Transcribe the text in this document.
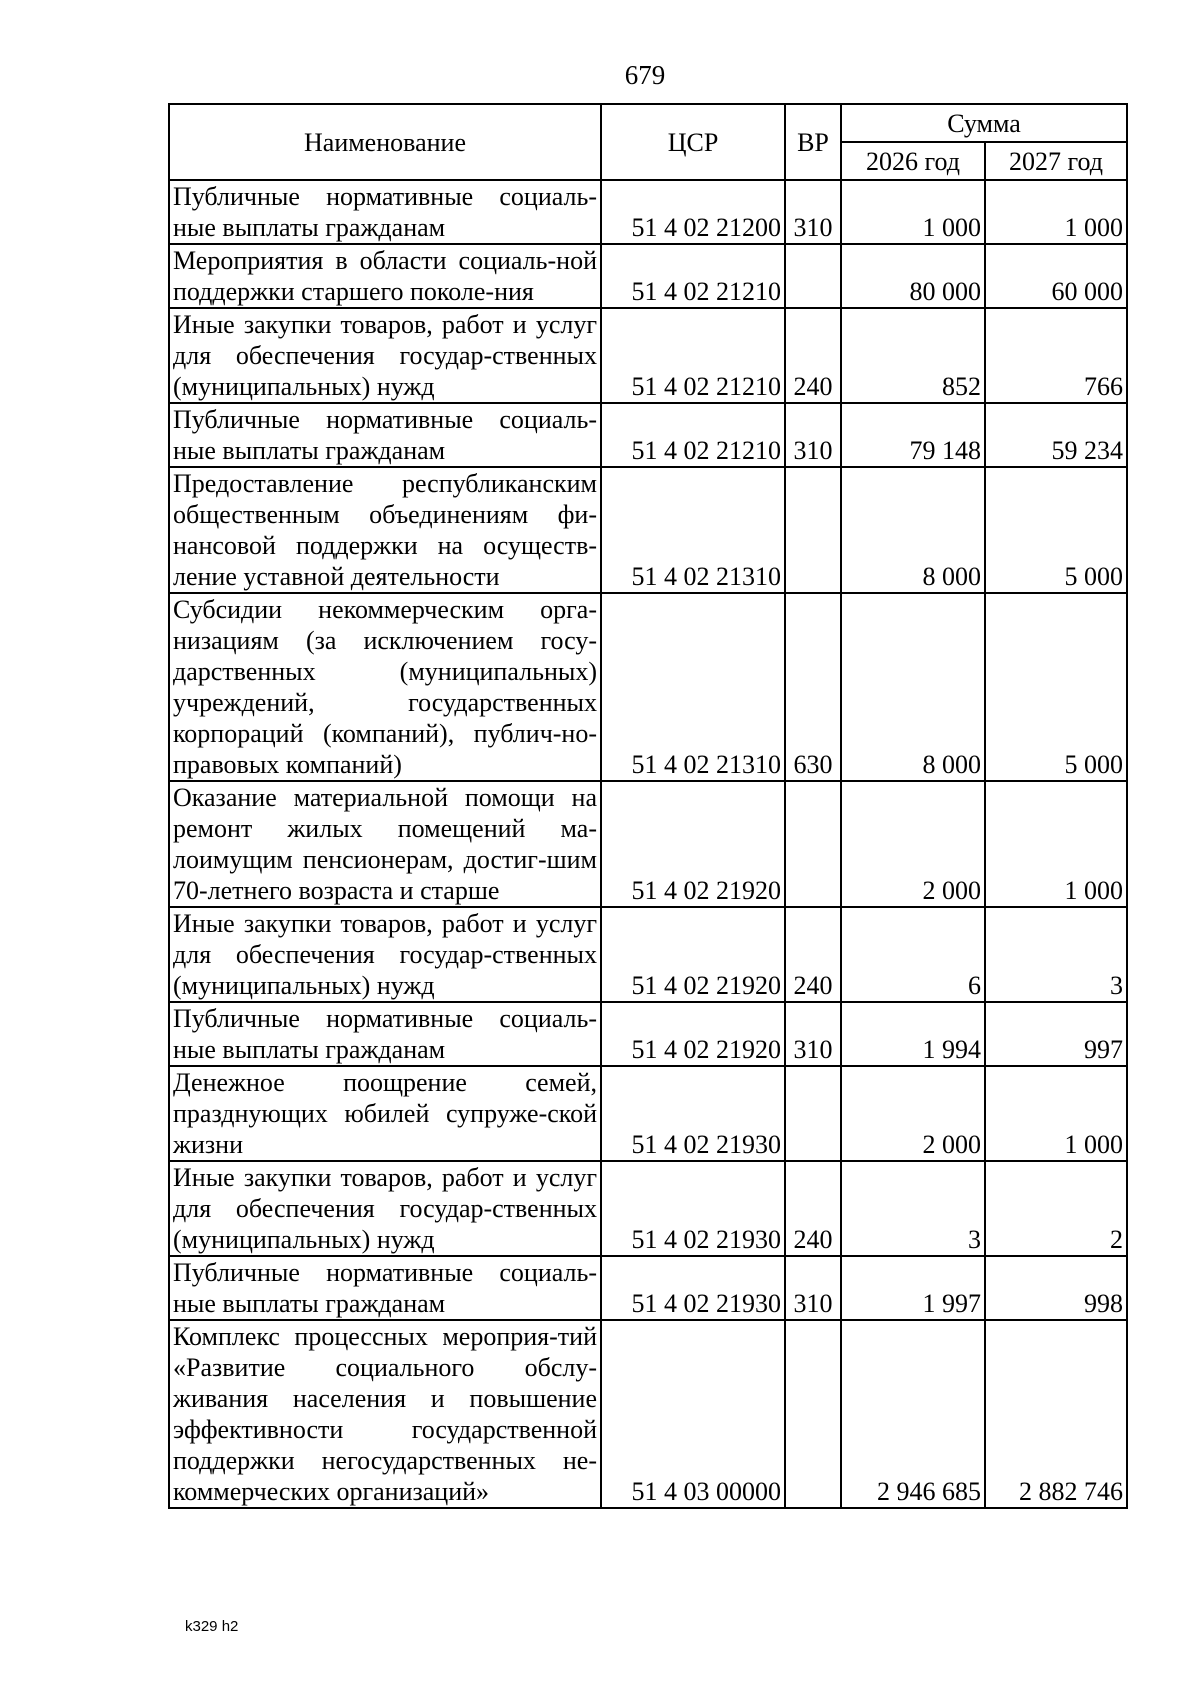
679
Наименование	ЦСР	ВР	Сумма	
			2026 год	2027 год
Публичные нормативные социаль-ные выплаты гражданам	51 4 02 21200	310	1 000	1 000
Мероприятия в области социаль-ной поддержки старшего поколе-ния	51 4 02 21210		80 000	60 000
Иные закупки товаров, работ и услуг для обеспечения государ-ственных (муниципальных) нужд	51 4 02 21210	240	852	766
Публичные нормативные социаль-ные выплаты гражданам	51 4 02 21210	310	79 148	59 234
Предоставление республиканским общественным объединениям фи-нансовой поддержки на осуществ-ление уставной деятельности	51 4 02 21310		8 000	5 000
Субсидии некоммерческим орга-низациям (за исключением госу-дарственных (муниципальных) учреждений, государственных корпораций (компаний), публич-но-правовых компаний)	51 4 02 21310	630	8 000	5 000
Оказание материальной помощи на ремонт жилых помещений ма-лоимущим пенсионерам, достиг-шим 70-летнего возраста и старше	51 4 02 21920		2 000	1 000
Иные закупки товаров, работ и услуг для обеспечения государ-ственных (муниципальных) нужд	51 4 02 21920	240	6	3
Публичные нормативные социаль-ные выплаты гражданам	51 4 02 21920	310	1 994	997
Денежное поощрение семей, празднующих юбилей супруже-ской жизни	51 4 02 21930		2 000	1 000
Иные закупки товаров, работ и услуг для обеспечения государ-ственных (муниципальных) нужд	51 4 02 21930	240	3	2
Публичные нормативные социаль-ные выплаты гражданам	51 4 02 21930	310	1 997	998
Комплекс процессных мероприя-тий «Развитие социального обслу-живания населения и повышение эффективности государственной поддержки негосударственных не-коммерческих организаций»	51 4 03 00000		2 946 685	2 882 746
k329 h2
